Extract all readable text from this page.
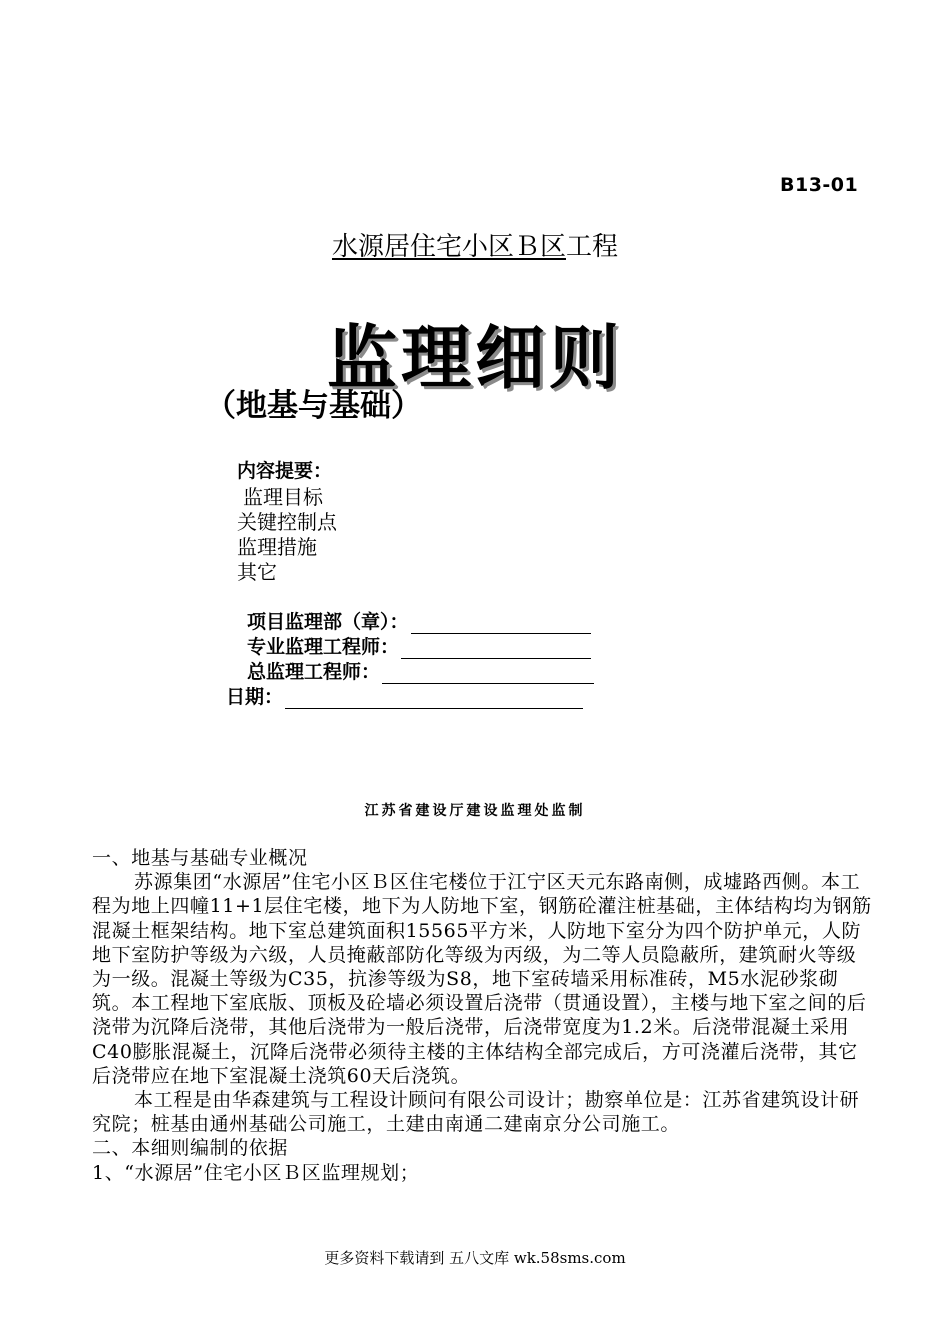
B13-01
水源居住宅小区Ｂ区工程
监理细则
（地基与基础）
内容提要：
监理目标
关键控制点
监理措施
其它
项目监理部（章）：
专业监理工程师：
总监理工程师：
日期：
江苏省建设厅建设监理处监制

一、地基与基础专业概况

苏源集团“水源居”住宅小区Ｂ区住宅楼位于江宁区天元东路南侧，成墟路西侧。本工程为地上四幢11+1层住宅楼，地下为人防地下室，钢筋砼灌注桩基础，主体结构均为钢筋混凝土框架结构。地下室总建筑面积15565平方米，人防地下室分为四个防护单元，人防地下室防护等级为六级，人员掩蔽部防化等级为丙级，为二等人员隐蔽所，建筑耐火等级为一级。混凝土等级为C35，抗渗等级为S8，地下室砖墙采用标准砖，M5水泥砂浆砌筑。本工程地下室底版、顶板及砼墙必须设置后浇带（贯通设置），主楼与地下室之间的后浇带为沉降后浇带，其他后浇带为一般后浇带，后浇带宽度为1.2米。后浇带混凝土采用C40膨胀混凝土，沉降后浇带必须待主楼的主体结构全部完成后，方可浇灌后浇带，其它后浇带应在地下室混凝土浇筑60天后浇筑。

本工程是由华森建筑与工程设计顾问有限公司设计；勘察单位是：江苏省建筑设计研究院；桩基由通州基础公司施工，土建由南通二建南京分公司施工。

二、本细则编制的依据

1、“水源居”住宅小区Ｂ区监理规划；

更多资料下载请到 五八文库 wk.58sms.com
